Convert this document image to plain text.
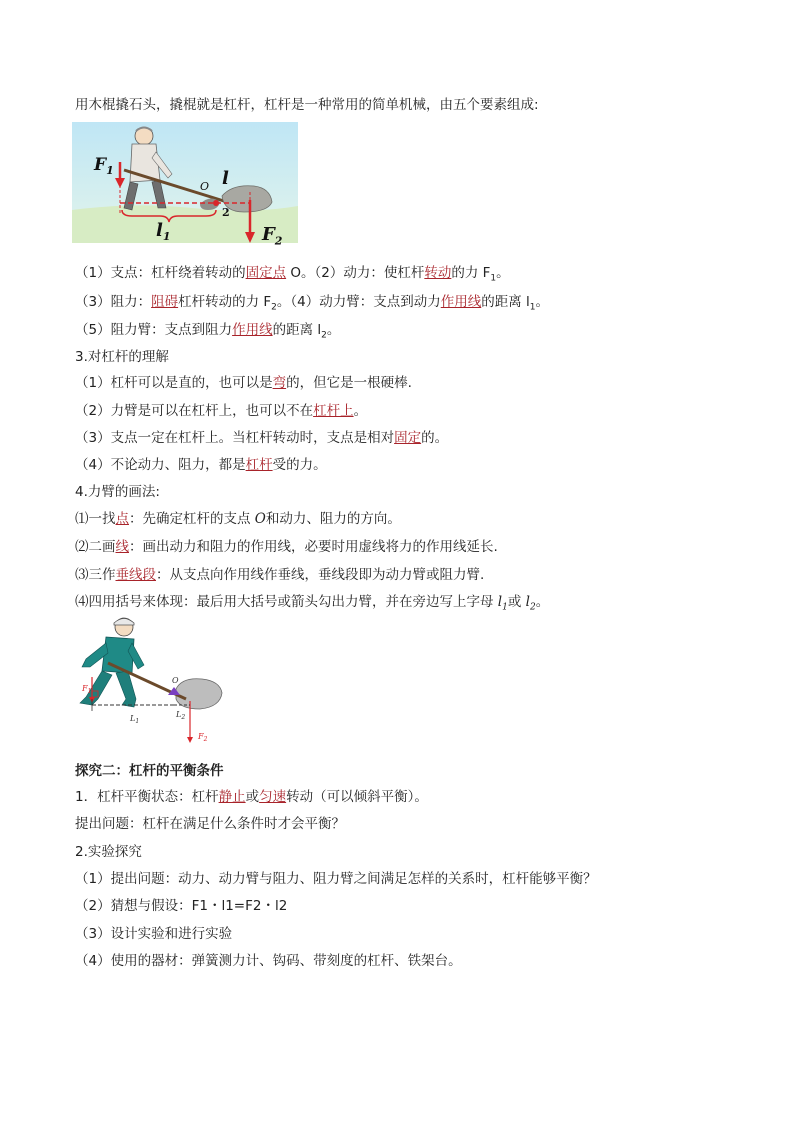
用木棍撬石头，撬棍就是杠杆，杠杆是一种常用的简单机械，由五个要素组成:
$F_1$
O l
2
$l_1$	$F_2$
（1）支点：杠杆绕着转动的固定点 O。（2）动力：使杠杆转动的力 $F_1$。
（3）阻力：阻碍杠杆转动的力 $F_2$。（4）动力臂：支点到动力作用线的距离 $l_1$。
（5）阻力臂：支点到阻力作用线的距离 $l_2$。
3.对杠杆的理解
（1）杠杆可以是直的，也可以是弯的，但它是一根硬棒.
（2）力臂是可以在杠杆上，也可以不在杠杆上。
（3）支点一定在杠杆上。当杠杆转动时，支点是相对固定的。
（4）不论动力、阻力，都是杠杆受的力。
4.力臂的画法:
⑴一找点：先确定杠杆的支点 O和动力、阻力的方向。
⑵二画线：画出动力和阻力的作用线，必要时用虚线将力的作用线延长.
⑶三作垂线段：从支点向作用线作垂线，垂线段即为动力臂或阻力臂.
⑷四用括号来体现：最后用大括号或箭头勾出力臂，并在旁边写上字母 $l_1$或 $l_2$。
$F_1$
O
$L_1$
$L_2$
$F_2$
探究二：杠杆的平衡条件
1．杠杆平衡状态：杠杆静止或匀速转动（可以倾斜平衡）。
提出问题：杠杆在满足什么条件时才会平衡？
2.实验探究
（1）提出问题：动力、动力臂与阻力、阻力臂之间满足怎样的关系时，杠杆能够平衡？
（2）猜想与假设：F1・l1=F2・l2
（3）设计实验和进行实验
（4）使用的器材：弹簧测力计、钩码、带刻度的杠杆、铁架台。
